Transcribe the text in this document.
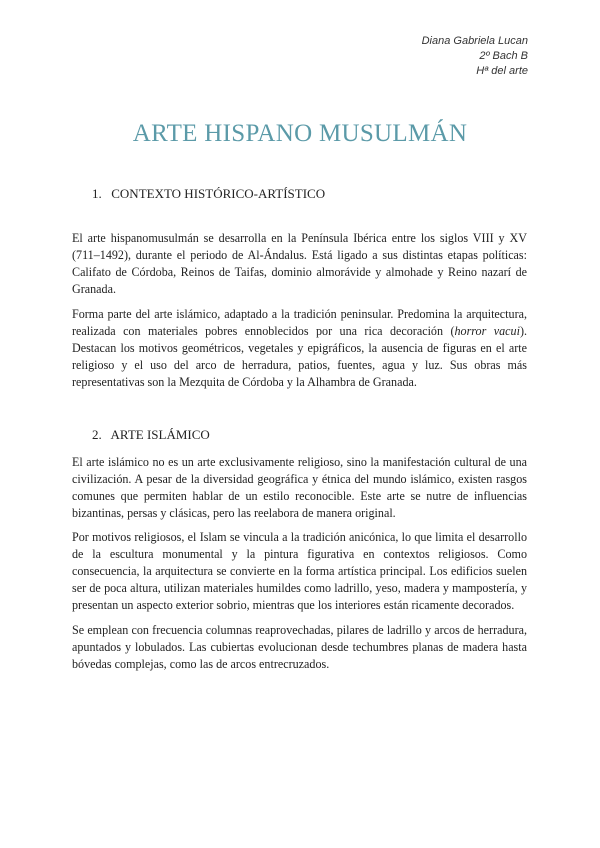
Diana Gabriela Lucan
2º Bach B
Hª del arte
ARTE HISPANO MUSULMÁN
1. CONTEXTO HISTÓRICO-ARTÍSTICO

El arte hispanomusulmán se desarrolla en la Península Ibérica entre los siglos VIII y XV (711–1492), durante el periodo de Al-Ándalus. Está ligado a sus distintas etapas políticas: Califato de Córdoba, Reinos de Taifas, dominio almorávide y almohade y Reino nazarí de Granada.

Forma parte del arte islámico, adaptado a la tradición peninsular. Predomina la arquitectura, realizada con materiales pobres ennoblecidos por una rica decoración (horror vacui). Destacan los motivos geométricos, vegetales y epigráficos, la ausencia de figuras en el arte religioso y el uso del arco de herradura, patios, fuentes, agua y luz. Sus obras más representativas son la Mezquita de Córdoba y la Alhambra de Granada.

2. ARTE ISLÁMICO

El arte islámico no es un arte exclusivamente religioso, sino la manifestación cultural de una civilización. A pesar de la diversidad geográfica y étnica del mundo islámico, existen rasgos comunes que permiten hablar de un estilo reconocible. Este arte se nutre de influencias bizantinas, persas y clásicas, pero las reelabora de manera original.

Por motivos religiosos, el Islam se vincula a la tradición anicónica, lo que limita el desarrollo de la escultura monumental y la pintura figurativa en contextos religiosos. Como consecuencia, la arquitectura se convierte en la forma artística principal. Los edificios suelen ser de poca altura, utilizan materiales humildes como ladrillo, yeso, madera y mampostería, y presentan un aspecto exterior sobrio, mientras que los interiores están ricamente decorados.

Se emplean con frecuencia columnas reaprovechadas, pilares de ladrillo y arcos de herradura, apuntados y lobulados. Las cubiertas evolucionan desde techumbres planas de madera hasta bóvedas complejas, como las de arcos entrecruzados.
